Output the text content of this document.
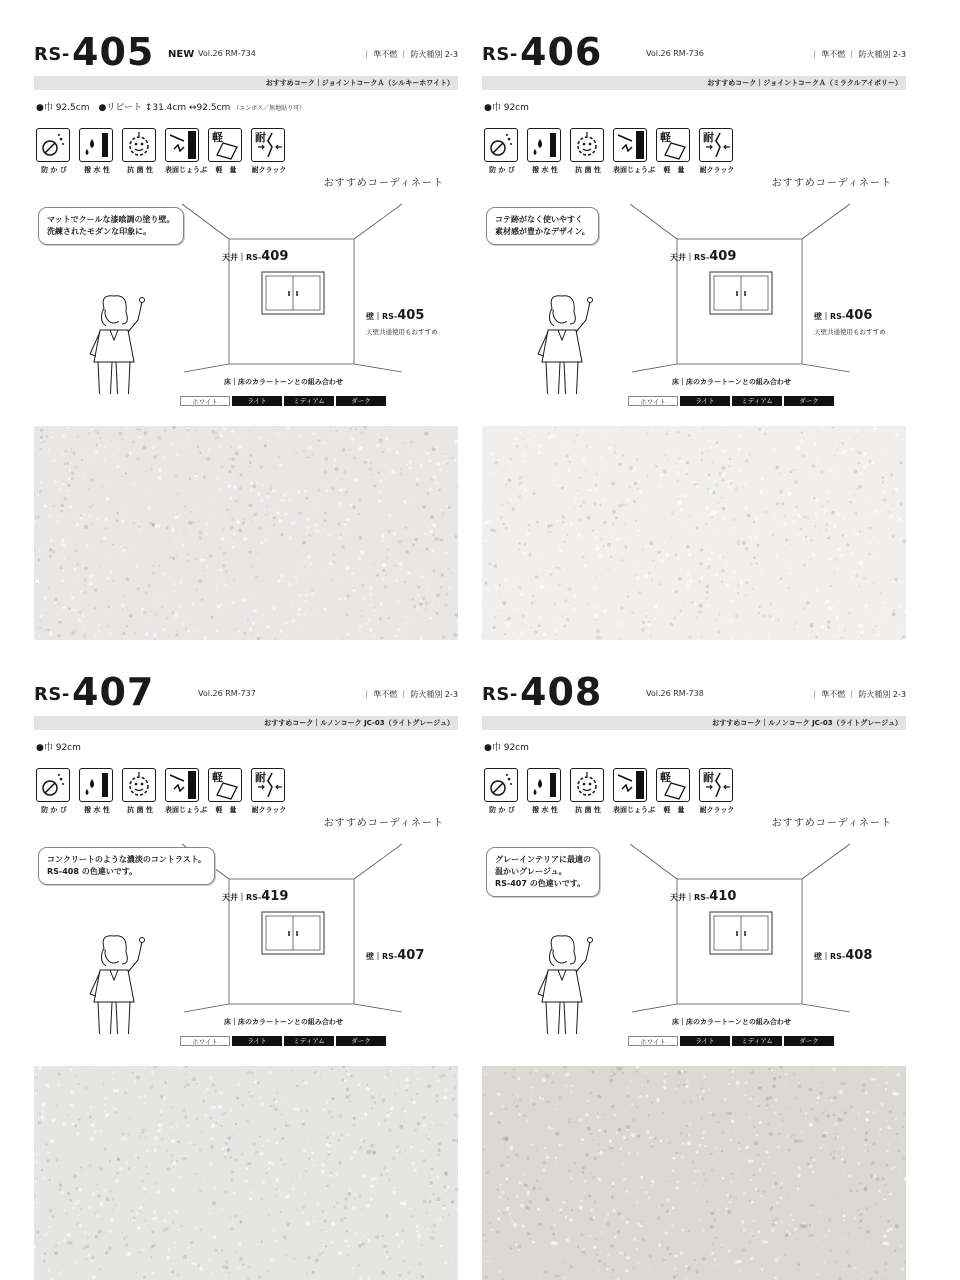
RS- 405 NEW Vol.26 RM-734	｜ 準不燃 ｜ 防火種別 2-3
おすすめコーク｜ジョイントコークＡ（シルキーホワイト）
●巾 92.5cm　●リピート ↕31.4cm ↔92.5cm （エンボス／無地貼り可）
防 か び	撥 水 性	抗 菌 性	表面じょうぶ
軽
軽　量
耐
耐クラック
おすすめコーディネート
マットでクールな漆喰調の塗り壁。
洗練されたモダンな印象に。
天井｜RS-409
壁｜RS-405
天壁共通使用もおすすめ
床｜床のカラートーンとの組み合わせ
ホワイト	ライト	ミディアム	ダーク
RS- 406	Vol.26 RM-736	｜ 準不燃 ｜ 防火種別 2-3
おすすめコーク｜ジョイントコークＡ（ミラクルアイボリー）
●巾 92cm
防 か び	撥 水 性	抗 菌 性	表面じょうぶ
軽
軽　量
耐
耐クラック
おすすめコーディネート
コテ跡がなく使いやすく
素材感が豊かなデザイン。
天井｜RS-409
壁｜RS-406
天壁共通使用もおすすめ
床｜床のカラートーンとの組み合わせ
ホワイト	ライト	ミディアム	ダーク
RS- 407	Vol.26 RM-737	｜ 準不燃 ｜ 防火種別 2-3
おすすめコーク｜ルノンコーク JC-03（ライトグレージュ）
●巾 92cm
防 か び	撥 水 性	抗 菌 性	表面じょうぶ
軽
軽　量
耐
耐クラック
おすすめコーディネート
コンクリートのような濃淡のコントラスト。
RS-408 の色違いです。
天井｜RS-419
壁｜RS-407
床｜床のカラートーンとの組み合わせ
ホワイト	ライト	ミディアム	ダーク
RS- 408	Vol.26 RM-738	｜ 準不燃 ｜ 防火種別 2-3
おすすめコーク｜ルノンコーク JC-03（ライトグレージュ）
●巾 92cm
防 か び	撥 水 性	抗 菌 性	表面じょうぶ
軽
軽　量
耐
耐クラック
おすすめコーディネート
グレーインテリアに最適の
温かいグレージュ。
RS-407 の色違いです。
天井｜RS-410
壁｜RS-408
床｜床のカラートーンとの組み合わせ
ホワイト	ライト	ミディアム	ダーク
